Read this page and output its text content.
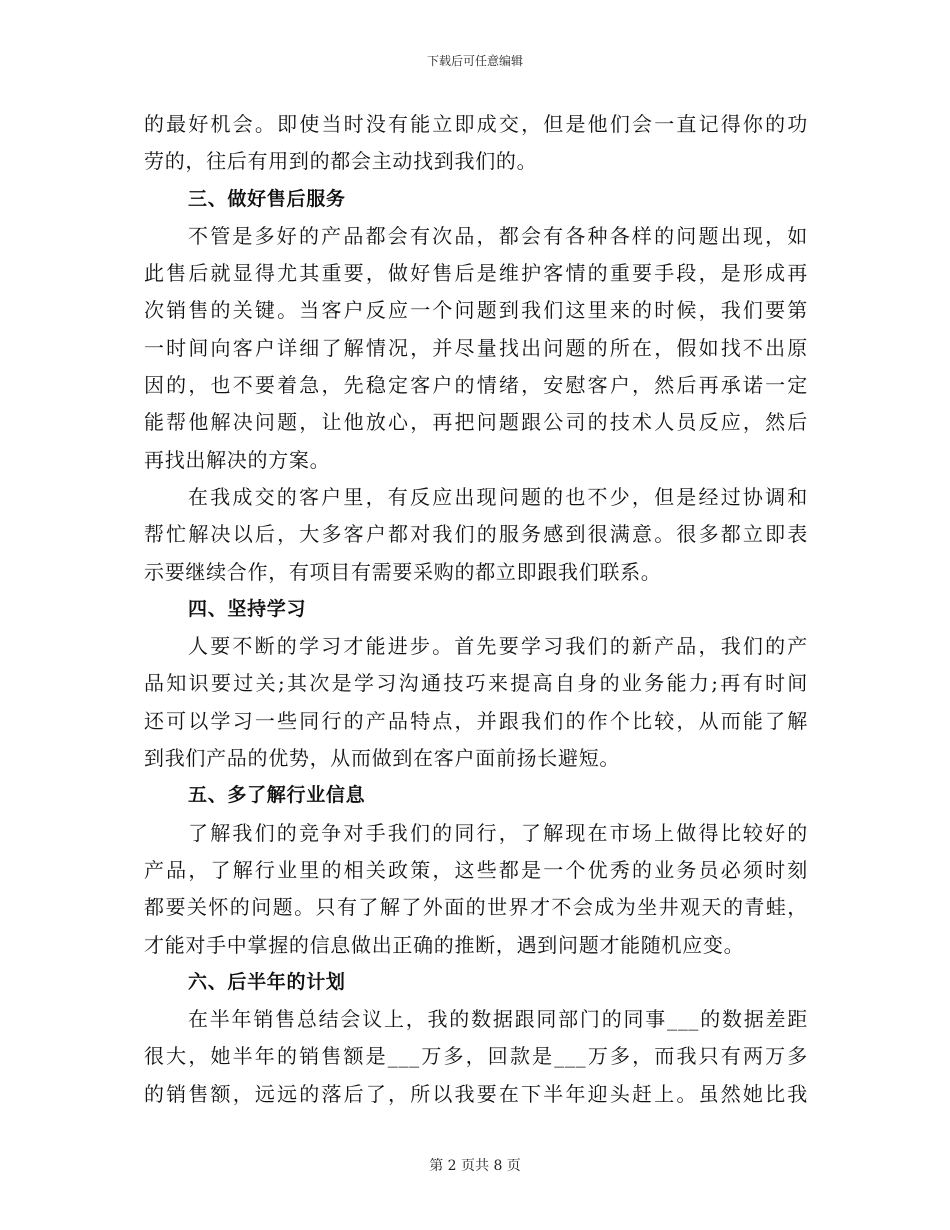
下载后可任意编辑
的最好机会。即使当时没有能立即成交，但是他们会一直记得你的功
劳的，往后有用到的都会主动找到我们的。
三、做好售后服务
不管是多好的产品都会有次品，都会有各种各样的问题出现，如
此售后就显得尤其重要，做好售后是维护客情的重要手段，是形成再
次销售的关键。当客户反应一个问题到我们这里来的时候，我们要第
一时间向客户详细了解情况，并尽量找出问题的所在，假如找不出原
因的，也不要着急，先稳定客户的情绪，安慰客户，然后再承诺一定
能帮他解决问题，让他放心，再把问题跟公司的技术人员反应，然后
再找出解决的方案。
在我成交的客户里，有反应出现问题的也不少，但是经过协调和
帮忙解决以后，大多客户都对我们的服务感到很满意。很多都立即表
示要继续合作，有项目有需要采购的都立即跟我们联系。
四、坚持学习
人要不断的学习才能进步。首先要学习我们的新产品，我们的产
品知识要过关;其次是学习沟通技巧来提高自身的业务能力;再有时间
还可以学习一些同行的产品特点，并跟我们的作个比较，从而能了解
到我们产品的优势，从而做到在客户面前扬长避短。
五、多了解行业信息
了解我们的竞争对手我们的同行，了解现在市场上做得比较好的
产品，了解行业里的相关政策，这些都是一个优秀的业务员必须时刻
都要关怀的问题。只有了解了外面的世界才不会成为坐井观天的青蛙，
才能对手中掌握的信息做出正确的推断，遇到问题才能随机应变。
六、后半年的计划
在半年销售总结会议上，我的数据跟同部门的同事___的数据差距
很大，她半年的销售额是___万多，回款是___万多，而我只有两万多
的销售额，远远的落后了，所以我要在下半年迎头赶上。虽然她比我
第 2 页共 8 页
